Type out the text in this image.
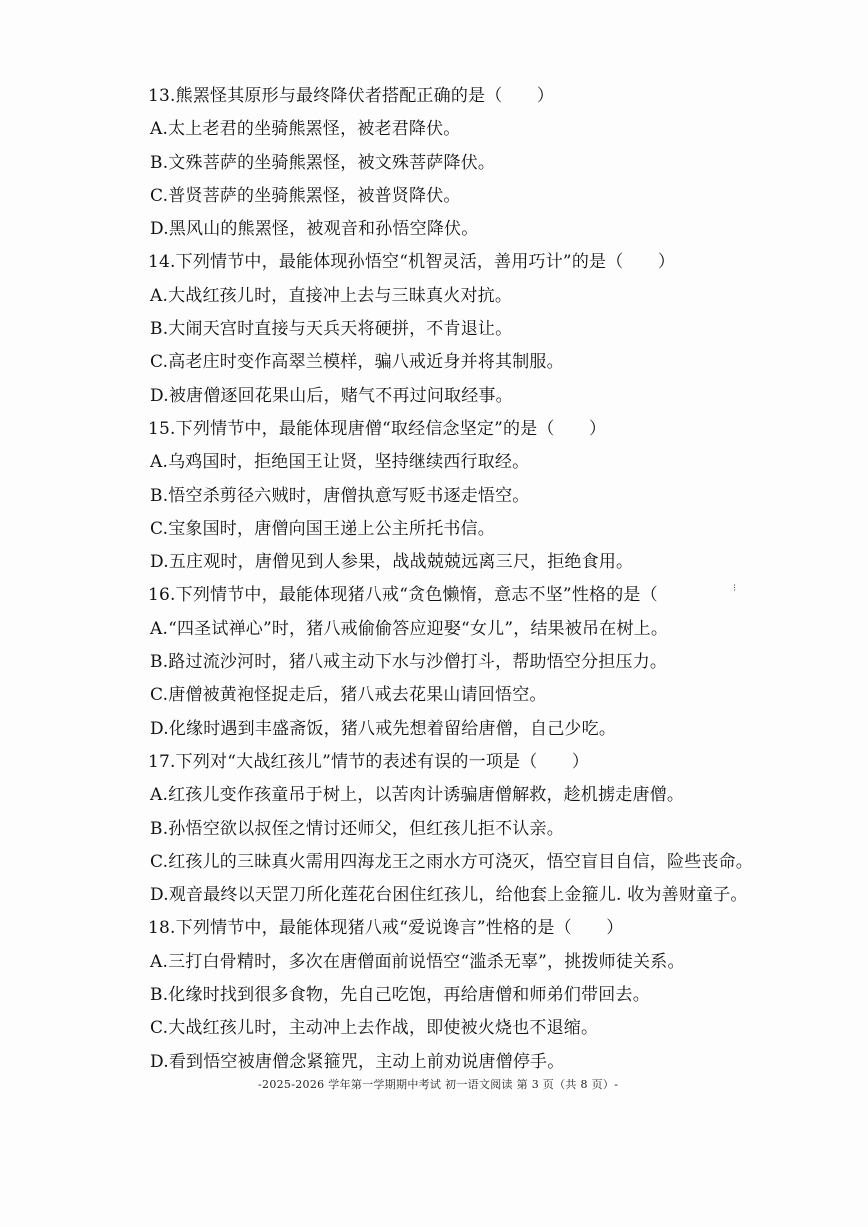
13.熊罴怪其原形与最终降伏者搭配正确的是（　　）
A.太上老君的坐骑熊罴怪，被老君降伏。
B.文殊菩萨的坐骑熊罴怪，被文殊菩萨降伏。
C.普贤菩萨的坐骑熊罴怪，被普贤降伏。
D.黑风山的熊罴怪，被观音和孙悟空降伏。
14.下列情节中，最能体现孙悟空“机智灵活，善用巧计”的是（　　）
A.大战红孩儿时，直接冲上去与三昧真火对抗。
B.大闹天宫时直接与天兵天将硬拼，不肯退让。
C.高老庄时变作高翠兰模样，骗八戒近身并将其制服。
D.被唐僧逐回花果山后，赌气不再过问取经事。
15.下列情节中，最能体现唐僧“取经信念坚定”的是（　　）
A.乌鸡国时，拒绝国王让贤，坚持继续西行取经。
B.悟空杀剪径六贼时，唐僧执意写贬书逐走悟空。
C.宝象国时，唐僧向国王递上公主所托书信。
D.五庄观时，唐僧见到人参果，战战兢兢远离三尺，拒绝食用。
16.下列情节中，最能体现猪八戒“贪色懒惰，意志不坚”性格的是（
A.“四圣试禅心”时，猪八戒偷偷答应迎娶“女儿”，结果被吊在树上。
B.路过流沙河时，猪八戒主动下水与沙僧打斗，帮助悟空分担压力。
C.唐僧被黄袍怪捉走后，猪八戒去花果山请回悟空。
D.化缘时遇到丰盛斋饭，猪八戒先想着留给唐僧，自己少吃。
17.下列对“大战红孩儿”情节的表述有误的一项是（　　）
A.红孩儿变作孩童吊于树上，以苦肉计诱骗唐僧解救，趁机掳走唐僧。
B.孙悟空欲以叔侄之情讨还师父，但红孩儿拒不认亲。
C.红孩儿的三昧真火需用四海龙王之雨水方可浇灭，悟空盲目自信，险些丧命。
D.观音最终以天罡刀所化莲花台困住红孩儿，给他套上金箍儿. 收为善财童子。
18.下列情节中，最能体现猪八戒“爱说谗言”性格的是（　　）
A.三打白骨精时，多次在唐僧面前说悟空“滥杀无辜”，挑拨师徒关系。
B.化缘时找到很多食物，先自己吃饱，再给唐僧和师弟们带回去。
C.大战红孩儿时，主动冲上去作战，即使被火烧也不退缩。
D.看到悟空被唐僧念紧箍咒，主动上前劝说唐僧停手。
⁝
-2025-2026 学年第一学期期中考试 初一语文阅读 第 3 页（共 8 页）-
